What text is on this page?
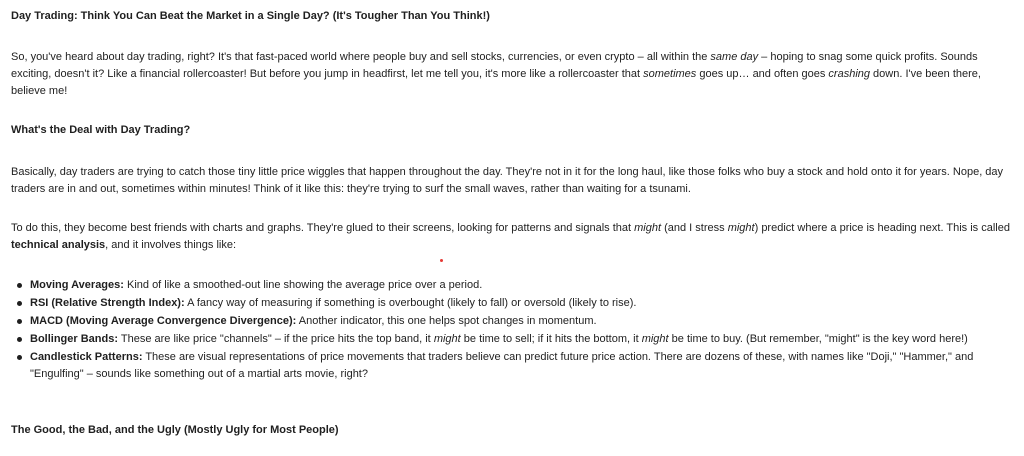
Day Trading: Think You Can Beat the Market in a Single Day? (It's Tougher Than You Think!)

So, you've heard about day trading, right? It's that fast-paced world where people buy and sell stocks, currencies, or even crypto – all within the same day – hoping to snag some quick profits. Sounds exciting, doesn't it? Like a financial rollercoaster! But before you jump in headfirst, let me tell you, it's more like a rollercoaster that sometimes goes up… and often goes crashing down. I've been there, believe me!

What's the Deal with Day Trading?

Basically, day traders are trying to catch those tiny little price wiggles that happen throughout the day. They're not in it for the long haul, like those folks who buy a stock and hold onto it for years. Nope, day traders are in and out, sometimes within minutes! Think of it like this: they're trying to surf the small waves, rather than waiting for a tsunami.

To do this, they become best friends with charts and graphs. They're glued to their screens, looking for patterns and signals that might (and I stress might) predict where a price is heading next. This is called technical analysis, and it involves things like:

Moving Averages: Kind of like a smoothed-out line showing the average price over a period.
RSI (Relative Strength Index): A fancy way of measuring if something is overbought (likely to fall) or oversold (likely to rise).
MACD (Moving Average Convergence Divergence): Another indicator, this one helps spot changes in momentum.
Bollinger Bands: These are like price "channels" – if the price hits the top band, it might be time to sell; if it hits the bottom, it might be time to buy. (But remember, "might" is the key word here!)
Candlestick Patterns: These are visual representations of price movements that traders believe can predict future price action. There are dozens of these, with names like "Doji," "Hammer," and "Engulfing" – sounds like something out of a martial arts movie, right?
The Good, the Bad, and the Ugly (Mostly Ugly for Most People)
